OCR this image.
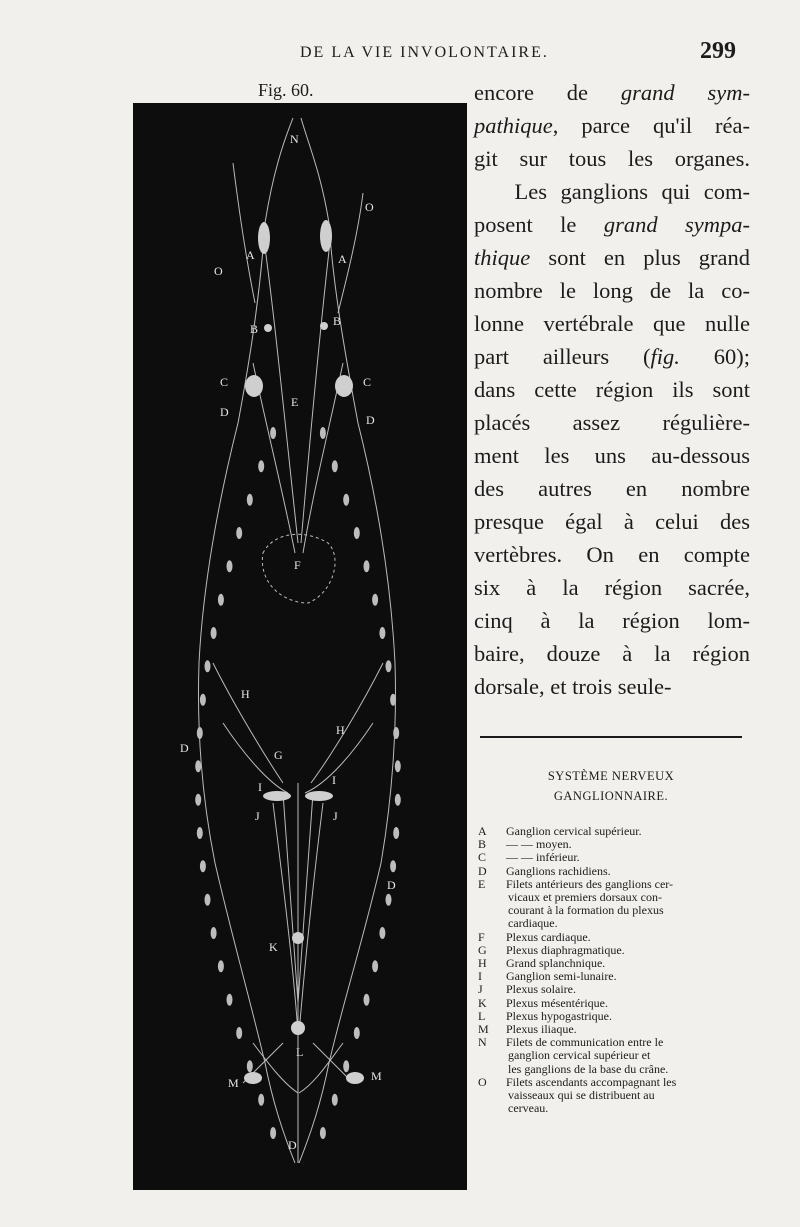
DE LA VIE INVOLONTAIRE.	299
Fig. 60.
N
O
O
A	A
B
B
C	C
D
D
E
F
G
H
H
D
I	I
J	J
D
K
L
M	M
D
encore de grand sym-
pathique, parce qu'il réa-
git sur tous les organes.
Les ganglions qui com-
posent le grand sympa-
thique sont en plus grand
nombre le long de la co-
lonne vertébrale que nulle
part ailleurs (fig. 60);
dans cette région ils sont
placés assez régulière-
ment les uns au-dessous
des autres en nombre
presque égal à celui des
vertèbres. On en compte
six à la région sacrée,
cinq à la région lom-
baire, douze à la région
dorsale, et trois seule-
SYSTÈME NERVEUX
GANGLIONNAIRE.
A	Ganglion cervical supérieur.
B	— — moyen.
C	— — inférieur.
D	Ganglions rachidiens.
E	Filets antérieurs des ganglions cer-
vicaux et premiers dorsaux con-
courant à la formation du plexus
cardiaque.
F	Plexus cardiaque.
G	Plexus diaphragmatique.
H	Grand splanchnique.
I	Ganglion semi-lunaire.
J	Plexus solaire.
K	Plexus mésentérique.
L	Plexus hypogastrique.
M	Plexus iliaque.
N	Filets de communication entre le
ganglion cervical supérieur et
les ganglions de la base du crâne.
O	Filets ascendants accompagnant les
vaisseaux qui se distribuent au
cerveau.
